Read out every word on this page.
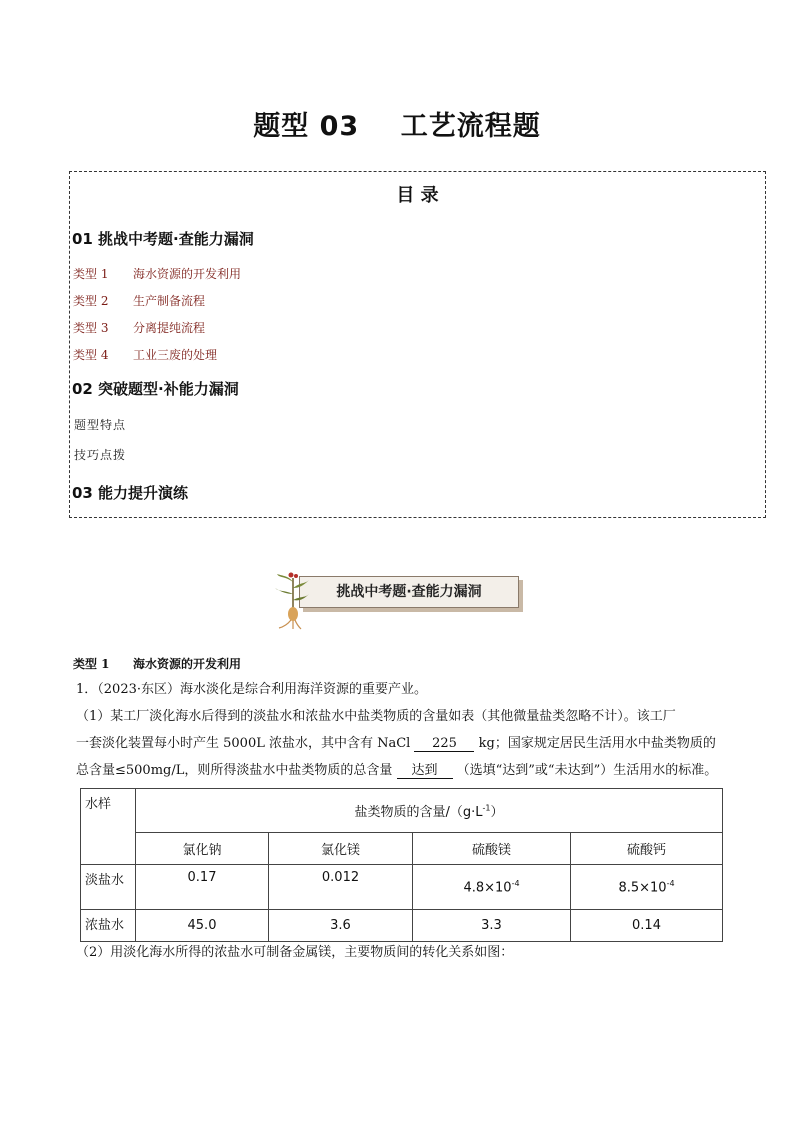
题型 03    工艺流程题
目 录
01 挑战中考题·查能力漏洞
类型 1 海水资源的开发利用
类型 2 生产制备流程
类型 3 分离提纯流程
类型 4 工业三废的处理
02 突破题型·补能力漏洞
题型特点
技巧点拨
03 能力提升演练
挑战中考题·查能力漏洞
类型 1 海水资源的开发利用
1．（2023·东区）海水淡化是综合利用海洋资源的重要产业。
（1）某工厂淡化海水后得到的淡盐水和浓盐水中盐类物质的含量如表（其他微量盐类忽略不计）。该工厂
一套淡化装置每小时产生 5000L 浓盐水，其中含有 NaCl 225 kg；国家规定居民生活用水中盐类物质的
总含量≤500mg/L，则所得淡盐水中盐类物质的总含量 达到 （选填“达到”或“未达到”）生活用水的标准。
水样	盐类物质的含量$/(g\cdot L^{-1})$			
	氯化钠	氯化镁	硫酸镁	硫酸钙
淡盐水	0.17	0.012	$4.8\times 10^{-4}$	$8.5\times 10^{-4}$
浓盐水	45.0	3.6	3.3	0.14
（2）用淡化海水所得的浓盐水可制备金属镁，主要物质间的转化关系如图：
